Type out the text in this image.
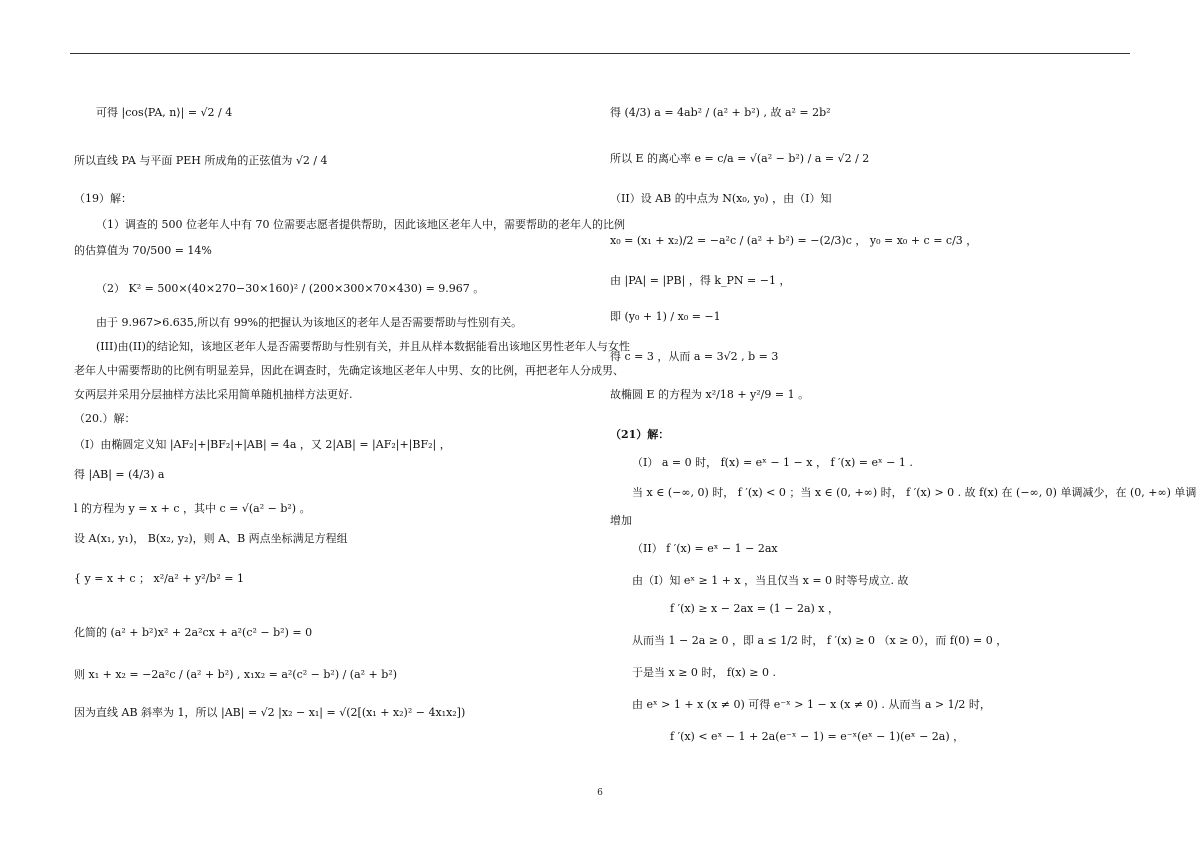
可得 |cos⟨PA, n⟩| = √2 / 4
所以直线 PA 与平面 PEH 所成角的正弦值为 √2 / 4
（19）解：
（1）调查的 500 位老年人中有 70 位需要志愿者提供帮助，因此该地区老年人中，需要帮助的老年人的比例
的估算值为 70/500 = 14%
（2） K² = 500×(40×270−30×160)² / (200×300×70×430) = 9.967 。
由于 9.967>6.635,所以有 99%的把握认为该地区的老年人是否需要帮助与性别有关。
(III)由(II)的结论知，该地区老年人是否需要帮助与性别有关，并且从样本数据能看出该地区男性老年人与女性
老年人中需要帮助的比例有明显差异，因此在调查时，先确定该地区老年人中男、女的比例，再把老年人分成男、
女两层并采用分层抽样方法比采用简单随机抽样方法更好.
（20.）解：
（I）由椭圆定义知 |AF₂|+|BF₂|+|AB| = 4a ，又 2|AB| = |AF₂|+|BF₂| ，
得 |AB| = (4/3) a
l 的方程为 y = x + c ，其中 c = √(a² − b²) 。
设 A(x₁, y₁)， B(x₂, y₂)，则 A、B 两点坐标满足方程组
{ y = x + c ； x²/a² + y²/b² = 1
化简的 (a² + b²)x² + 2a²cx + a²(c² − b²) = 0
则 x₁ + x₂ = −2a²c / (a² + b²) , x₁x₂ = a²(c² − b²) / (a² + b²)
因为直线 AB 斜率为 1，所以 |AB| = √2 |x₂ − x₁| = √(2[(x₁ + x₂)² − 4x₁x₂])
得 (4/3) a = 4ab² / (a² + b²) , 故 a² = 2b²
所以 E 的离心率 e = c/a = √(a² − b²) / a = √2 / 2
（II）设 AB 的中点为 N(x₀, y₀) ，由（I）知
x₀ = (x₁ + x₂)/2 = −a²c / (a² + b²) = −(2/3)c ， y₀ = x₀ + c = c/3 ，
由 |PA| = |PB| ，得 k_PN = −1 ，
即 (y₀ + 1) / x₀ = −1
得 c = 3 ，从而 a = 3√2 , b = 3
故椭圆 E 的方程为 x²/18 + y²/9 = 1 。
（21）解：
（I） a = 0 时， f(x) = eˣ − 1 − x ， f ′(x) = eˣ − 1 .
当 x ∈ (−∞, 0) 时， f ′(x) < 0 ；当 x ∈ (0, +∞) 时， f ′(x) > 0 . 故 f(x) 在 (−∞, 0) 单调减少，在 (0, +∞) 单调
增加
（II） f ′(x) = eˣ − 1 − 2ax
由（I）知 eˣ ≥ 1 + x ，当且仅当 x = 0 时等号成立. 故
f ′(x) ≥ x − 2ax = (1 − 2a) x ，
从而当 1 − 2a ≥ 0 ，即 a ≤ 1/2 时， f ′(x) ≥ 0 （x ≥ 0），而 f(0) = 0 ，
于是当 x ≥ 0 时， f(x) ≥ 0 .
由 eˣ > 1 + x (x ≠ 0) 可得 e⁻ˣ > 1 − x (x ≠ 0) . 从而当 a > 1/2 时，
f ′(x) < eˣ − 1 + 2a(e⁻ˣ − 1) = e⁻ˣ(eˣ − 1)(eˣ − 2a) ，
6
